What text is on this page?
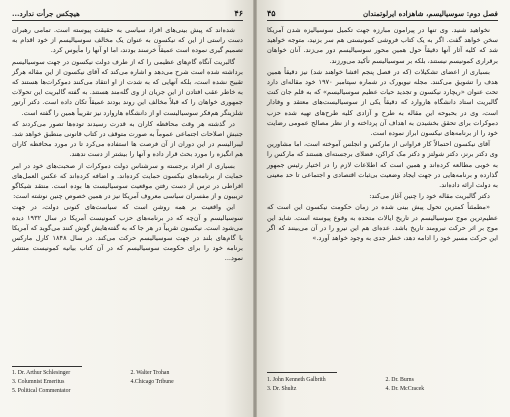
۴۶
هیچکس جرأت ندارد...

شده‌اند که پیش بینی‌های افراد سیاسی به حقیقت پیوسته است. تمامی رهبران دست راستی از این که نیکسون به عنوان یک مخالف سوسیالیسم از خود اقدام به تصمیم گیری نموده است عمیقاً خرسند بودند، اما او آنها را مأیوس کرد.

گالبریت آنگاه گام‌های عظیمی را که از طرف دولت نیکسون در جهت سوسیالیسم برداشته شده است شرح می‌دهد و اشاره می‌کند که آقای نیکسون از این مقاله هرگز تقبیح نشده است، بلکه آنهایی که به شدت از او انتقاد می‌کنند دموکرات‌ها هستند که به خاطر عقب افتادن از این جریان از وی گله‌مند هستند. به گفته گالبریت این تحولات جمهوری خواهان را که قبلاً مخالف این روند بودند عمیقاً تکان داده است. دکتر آرتور شلزینگر هم‌فکر سوسیالیست او از دانشگاه هاروارد نیز تقریباً همین را گفته است.

در گذشته هر وقت محافظه کاران به قدرت رسیدند توده‌ها تصور می‌کردند که جنبش اصلاحات اجتماعی عموماً به صورت متوقف در کتاب قانونی منطبق خواهد شد. لیبرالیسم در این دوران از آن فرصت ها استفاده می‌کرد تا در مورد محافظه کاران هم انگیزه را مورد بحث قرار داده و آنها را بیشتر از دست ندهند.

بسیاری از افراد برجسته و سرشناس دولت دموکرات از صحبت‌های خود در امر حمایت از برنامه‌های نیکسون حمایت کرده‌اند. و اضافه کرده‌اند که عکس العمل‌های افراطی در ترس از دست رفتن موقعیت سوسیالیست ‌ها بوده است. منتقد شیکاگو تریبیون و از مفسران سیاسی معروف آمریکا نیز در همین خصوص چنین نوشته است:

این واقعیت بر همه روشن است که سیاست‌های کنونی دولت، در جهت سوسیالیسم و آن‌چه که در برنامه‌های حزب کمونیست آمریکا در سال ۱۹۳۲ دیده می‌شود است. نیکسون تقریباً در هر جا که به گفته‌هایش گوش کنند می‌گوید که آمریکا با گام‌های بلند در جهت سوسیالیسم حرکت می‌کند. در سال ۱۸۴۸ کارل مارکس برنامه خود را برای حکومت سوسیالیسم که در آن کتاب بیانیه کمونیست منتشر نمود...

1. Dr. Arthur Schlesinger	2. Walter Trohan
3. Columnist Emeritus	4.Chicago Tribune
5. Political Commentator
فصل دوم: سوسیالیسم، شاهزاده ایرلوتمندان
۴۵

نخواهید شنید. وی تنها در پیرامون مبارزه جهت تکمیل سوسیالیزه شدن آمریکا سخن خواهد گفت. اگر به یک کتاب فروشی کمونیستی هم سر بزنید، متوجه خواهید شد که کلیه آثار آنها دقیقاً حول همین محور سوسیالیسم دور می‌زند. آنان خواهان برقراری کمونیسم نیستند، بلکه بر سوسیالیسم تأکید می‌ورزند.

بسیاری از اعضای تشکیلات (که در فصل پنجم افشا خواهند شد) نیز دقیقاً همین هدف را تشویق می‌کنند. مجله نیویورک در شماره سپتامبر ۱۹۷۰ خود مقاله‌ای دارد تحت عنوان «ریچارد نیکسون و تجدید حیات عظیم سوسیالیسم» که به قلم جان کنت گالبریت استاد دانشگاه هاروارد که دقیقاً یکی از سوسیالیست‌های معتقد و وفادار است، وی در بحبوحه این مقاله به طرح و آزادی کلیه طرح‌های تهیه شده حزب دموکرات برای تحقق بخشیدن به اهداف آن پرداخته و از نظر مصالح عمومی رضایت خود را از برنامه‌های نیکسون ابراز نموده است.

آقای نیکسون احتمالاً کار فراوانی از مارکس و انجلس آموخته است، اما مشاورین وی دکتر برنز، دکتر شولتز و دکتر مک کراکن، فضلای برجسته‌ای هستند که مارکس را به خوبی مطالعه کرده‌اند و همین است که اطلاعات لازم را در اختیار رئیس جمهور گذارده و برنامه‌هایی در جهت ایجاد وضعیت بی‌ثبات اقتصادی و اجتماعی تا حد معینی به دولت ارائه داده‌اند.

دکتر گالبریت مقاله خود را چنین آغاز می‌کند:

«مطمئناً کمترین تحول پیش بینی شده در زمان حکومت نیکسون این است که عظیم‌ترین موج سوسیالیسم در تاریخ ایالات متحده به وقوع پیوسته است. شاید این موج بر اثر حرکت نیرومند تاریخ باشد. عده‌ای هم این نیرو را در آن می‌بینند که اگر این حرکت مسیر خود را ادامه دهد، خطر جدی به وجود خواهد آورد.»

1. John Kenneth Galbrith	2. Dr. Burns
3. Dr. Shultz	4. Dr. McCracek
